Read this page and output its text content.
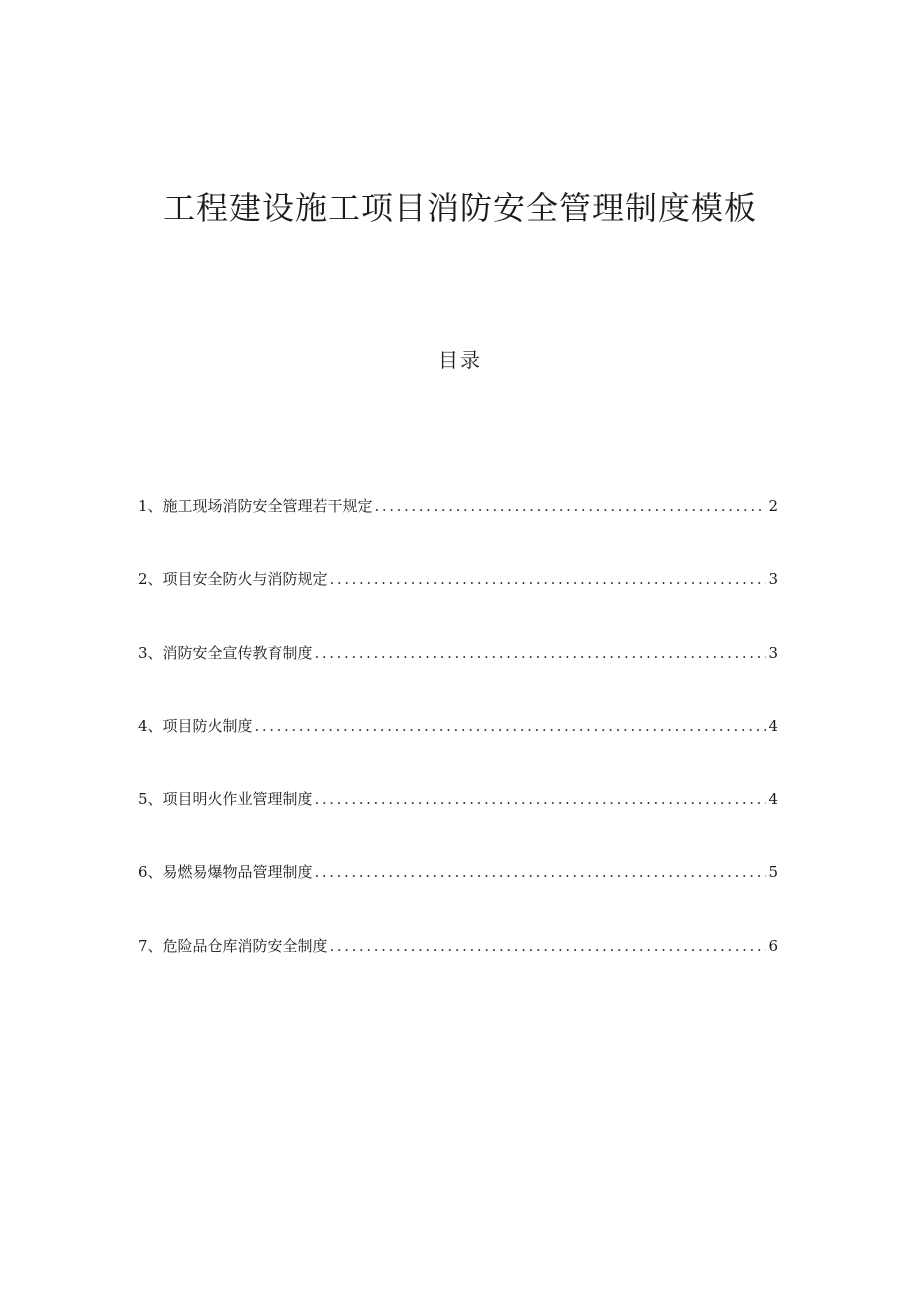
工程建设施工项目消防安全管理制度模板
目录
1、施工现场消防安全管理若干规定 .....	2
2、项目安全防火与消防规定 .....	3
3、消防安全宣传教育制度 .....	3
4、项目防火制度 .....	4
5、项目明火作业管理制度 .....	4
6、易燃易爆物品管理制度 .....	5
7、危险品仓库消防安全制度 .....	6
